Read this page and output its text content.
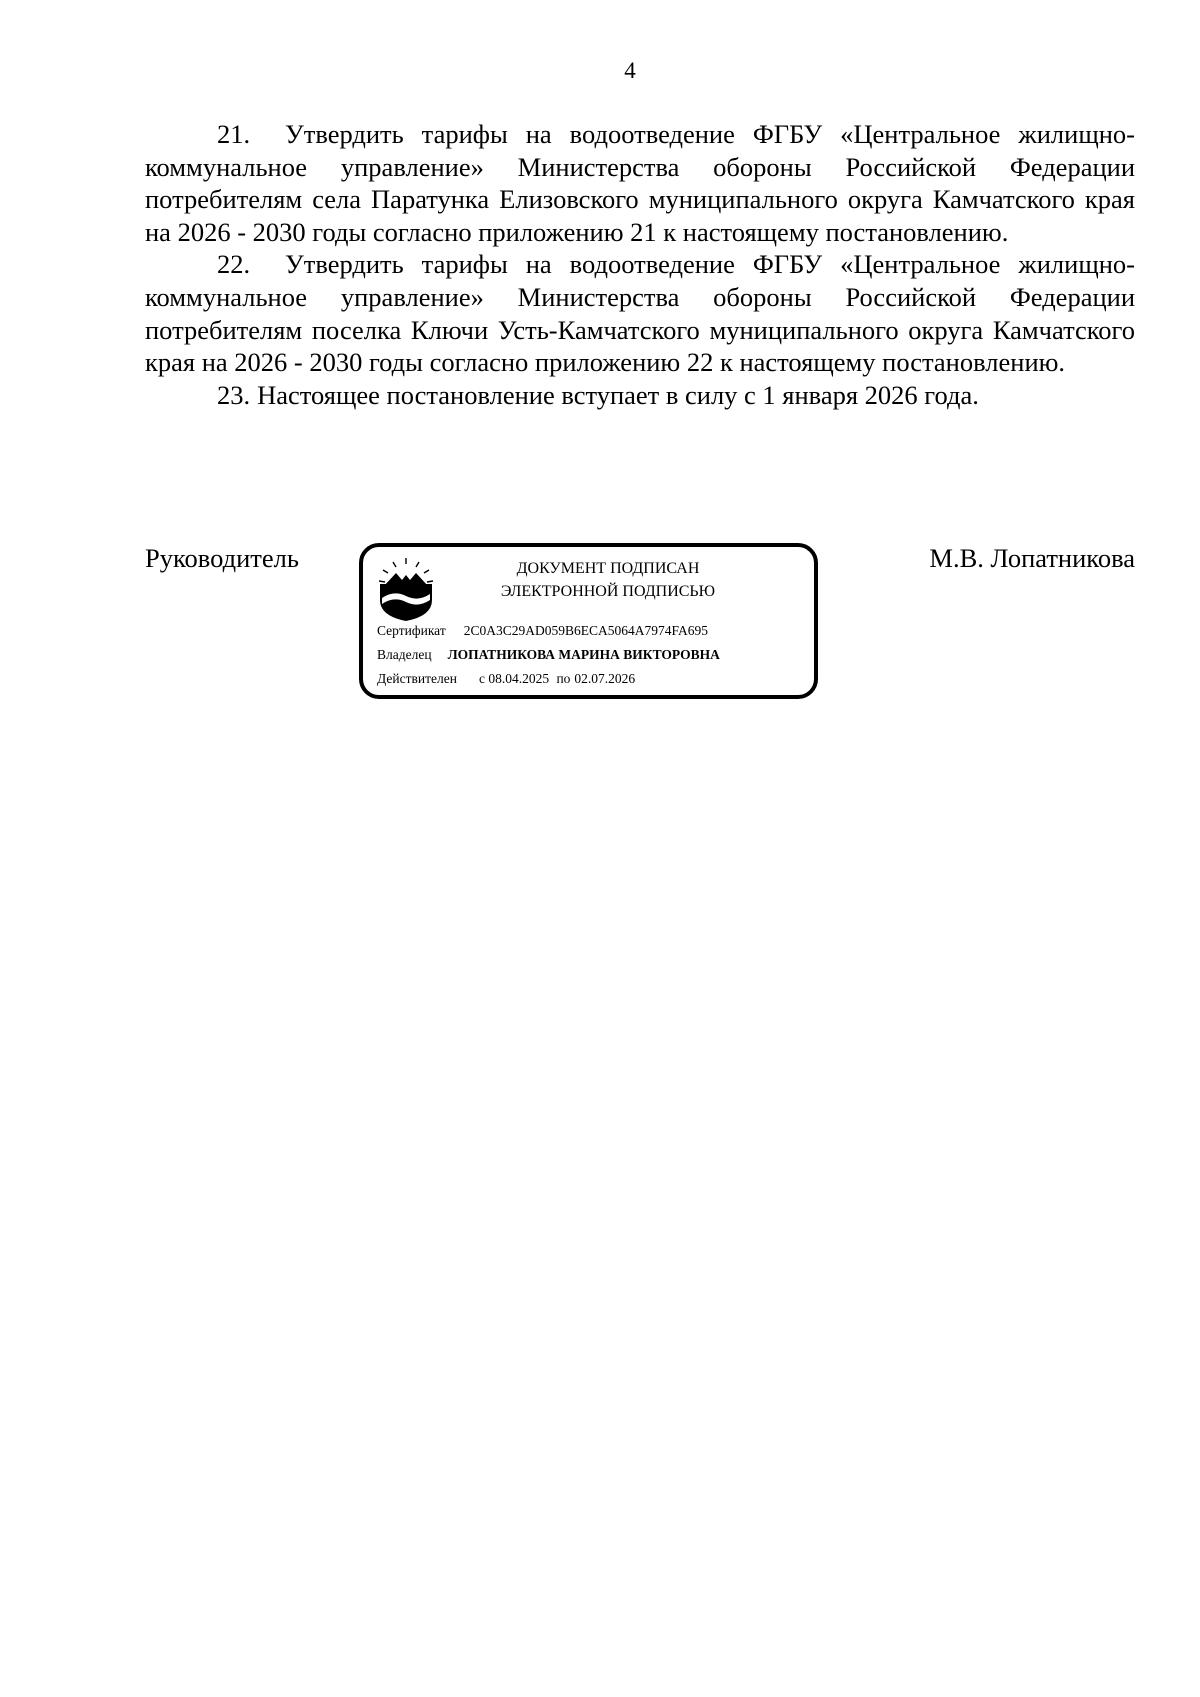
4

21. Утвердить тарифы на водоотведение ФГБУ «Центральное жилищно-коммунальное управление» Министерства обороны Российской Федерации потребителям села Паратунка Елизовского муниципального округа Камчатского края на 2026 - 2030 годы согласно приложению 21 к настоящему постановлению.

22. Утвердить тарифы на водоотведение ФГБУ «Центральное жилищно-коммунальное управление» Министерства обороны Российской Федерации потребителям поселка Ключи Усть-Камчатского муниципального округа Камчатского края на 2026 - 2030 годы согласно приложению 22 к настоящему постановлению.

23. Настоящее постановление вступает в силу с 1 января 2026 года.

Руководитель	ДОКУМЕНТ ПОДПИСАН
ЭЛЕКТРОННОЙ ПОДПИСЬЮ
Сертификат 2C0A3C29AD059B6ECA5064A7974FA695
Владелец ЛОПАТНИКОВА МАРИНА ВИКТОРОВНА
Действителен с 08.04.2025 по 02.07.2026
М.В. Лопатникова
